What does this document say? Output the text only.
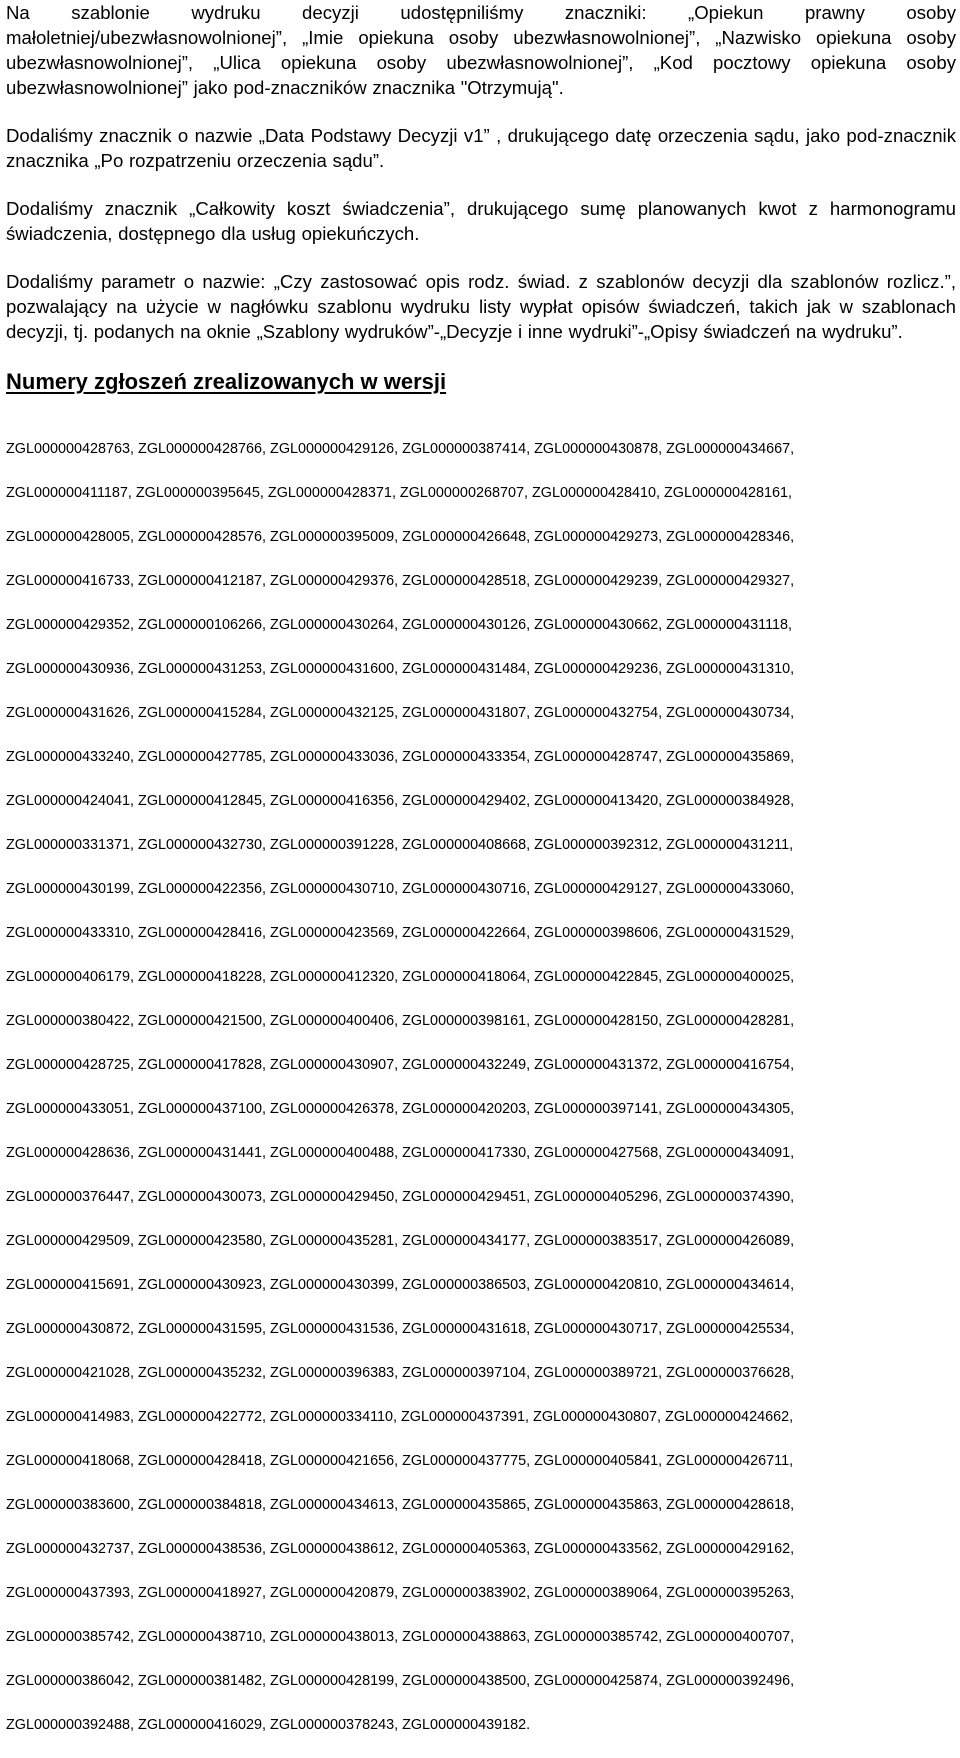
Na szablonie wydruku decyzji udostępniliśmy znaczniki: „Opiekun prawny osoby małoletniej/ubezwłasnowolnionej”, „Imie opiekuna osoby ubezwłasnowolnionej”, „Nazwisko opiekuna osoby ubezwłasnowolnionej”, „Ulica opiekuna osoby ubezwłasnowolnionej”, „Kod pocztowy opiekuna osoby ubezwłasnowolnionej” jako pod-znaczników znacznika "Otrzymują".

Dodaliśmy znacznik o nazwie „Data Podstawy Decyzji v1” , drukującego datę orzeczenia sądu, jako pod-znacznik znacznika „Po rozpatrzeniu orzeczenia sądu”.

Dodaliśmy znacznik „Całkowity koszt świadczenia”, drukującego sumę planowanych kwot z harmonogramu świadczenia, dostępnego dla usług opiekuńczych.

Dodaliśmy parametr o nazwie: „Czy zastosować opis rodz. świad. z szablonów decyzji dla szablonów rozlicz.”, pozwalający na użycie w nagłówku szablonu wydruku listy wypłat opisów świadczeń, takich jak w szablonach decyzji, tj. podanych na oknie „Szablony wydruków”-„Decyzje i inne wydruki”-„Opisy świadczeń na wydruku”.

Numery zgłoszeń zrealizowanych w wersji

ZGL000000428763, ZGL000000428766, ZGL000000429126, ZGL000000387414, ZGL000000430878, ZGL000000434667,

ZGL000000411187, ZGL000000395645, ZGL000000428371, ZGL000000268707, ZGL000000428410, ZGL000000428161,

ZGL000000428005, ZGL000000428576, ZGL000000395009, ZGL000000426648, ZGL000000429273, ZGL000000428346,

ZGL000000416733, ZGL000000412187, ZGL000000429376, ZGL000000428518, ZGL000000429239, ZGL000000429327,

ZGL000000429352, ZGL000000106266, ZGL000000430264, ZGL000000430126, ZGL000000430662, ZGL000000431118,

ZGL000000430936, ZGL000000431253, ZGL000000431600, ZGL000000431484, ZGL000000429236, ZGL000000431310,

ZGL000000431626, ZGL000000415284, ZGL000000432125, ZGL000000431807, ZGL000000432754, ZGL000000430734,

ZGL000000433240, ZGL000000427785, ZGL000000433036, ZGL000000433354, ZGL000000428747, ZGL000000435869,

ZGL000000424041, ZGL000000412845, ZGL000000416356, ZGL000000429402, ZGL000000413420, ZGL000000384928,

ZGL000000331371, ZGL000000432730, ZGL000000391228, ZGL000000408668, ZGL000000392312, ZGL000000431211,

ZGL000000430199, ZGL000000422356, ZGL000000430710, ZGL000000430716, ZGL000000429127, ZGL000000433060,

ZGL000000433310, ZGL000000428416, ZGL000000423569, ZGL000000422664, ZGL000000398606, ZGL000000431529,

ZGL000000406179, ZGL000000418228, ZGL000000412320, ZGL000000418064, ZGL000000422845, ZGL000000400025,

ZGL000000380422, ZGL000000421500, ZGL000000400406, ZGL000000398161, ZGL000000428150, ZGL000000428281,

ZGL000000428725, ZGL000000417828, ZGL000000430907, ZGL000000432249, ZGL000000431372, ZGL000000416754,

ZGL000000433051, ZGL000000437100, ZGL000000426378, ZGL000000420203, ZGL000000397141, ZGL000000434305,

ZGL000000428636, ZGL000000431441, ZGL000000400488, ZGL000000417330, ZGL000000427568, ZGL000000434091,

ZGL000000376447, ZGL000000430073, ZGL000000429450, ZGL000000429451, ZGL000000405296, ZGL000000374390,

ZGL000000429509, ZGL000000423580, ZGL000000435281, ZGL000000434177, ZGL000000383517, ZGL000000426089,

ZGL000000415691, ZGL000000430923, ZGL000000430399, ZGL000000386503, ZGL000000420810, ZGL000000434614,

ZGL000000430872, ZGL000000431595, ZGL000000431536, ZGL000000431618, ZGL000000430717, ZGL000000425534,

ZGL000000421028, ZGL000000435232, ZGL000000396383, ZGL000000397104, ZGL000000389721, ZGL000000376628,

ZGL000000414983, ZGL000000422772, ZGL000000334110, ZGL000000437391, ZGL000000430807, ZGL000000424662,

ZGL000000418068, ZGL000000428418, ZGL000000421656, ZGL000000437775, ZGL000000405841, ZGL000000426711,

ZGL000000383600, ZGL000000384818, ZGL000000434613, ZGL000000435865, ZGL000000435863, ZGL000000428618,

ZGL000000432737, ZGL000000438536, ZGL000000438612, ZGL000000405363, ZGL000000433562, ZGL000000429162,

ZGL000000437393, ZGL000000418927, ZGL000000420879, ZGL000000383902, ZGL000000389064, ZGL000000395263,

ZGL000000385742, ZGL000000438710, ZGL000000438013, ZGL000000438863, ZGL000000385742, ZGL000000400707,

ZGL000000386042, ZGL000000381482, ZGL000000428199, ZGL000000438500, ZGL000000425874, ZGL000000392496,

ZGL000000392488, ZGL000000416029, ZGL000000378243, ZGL000000439182.
